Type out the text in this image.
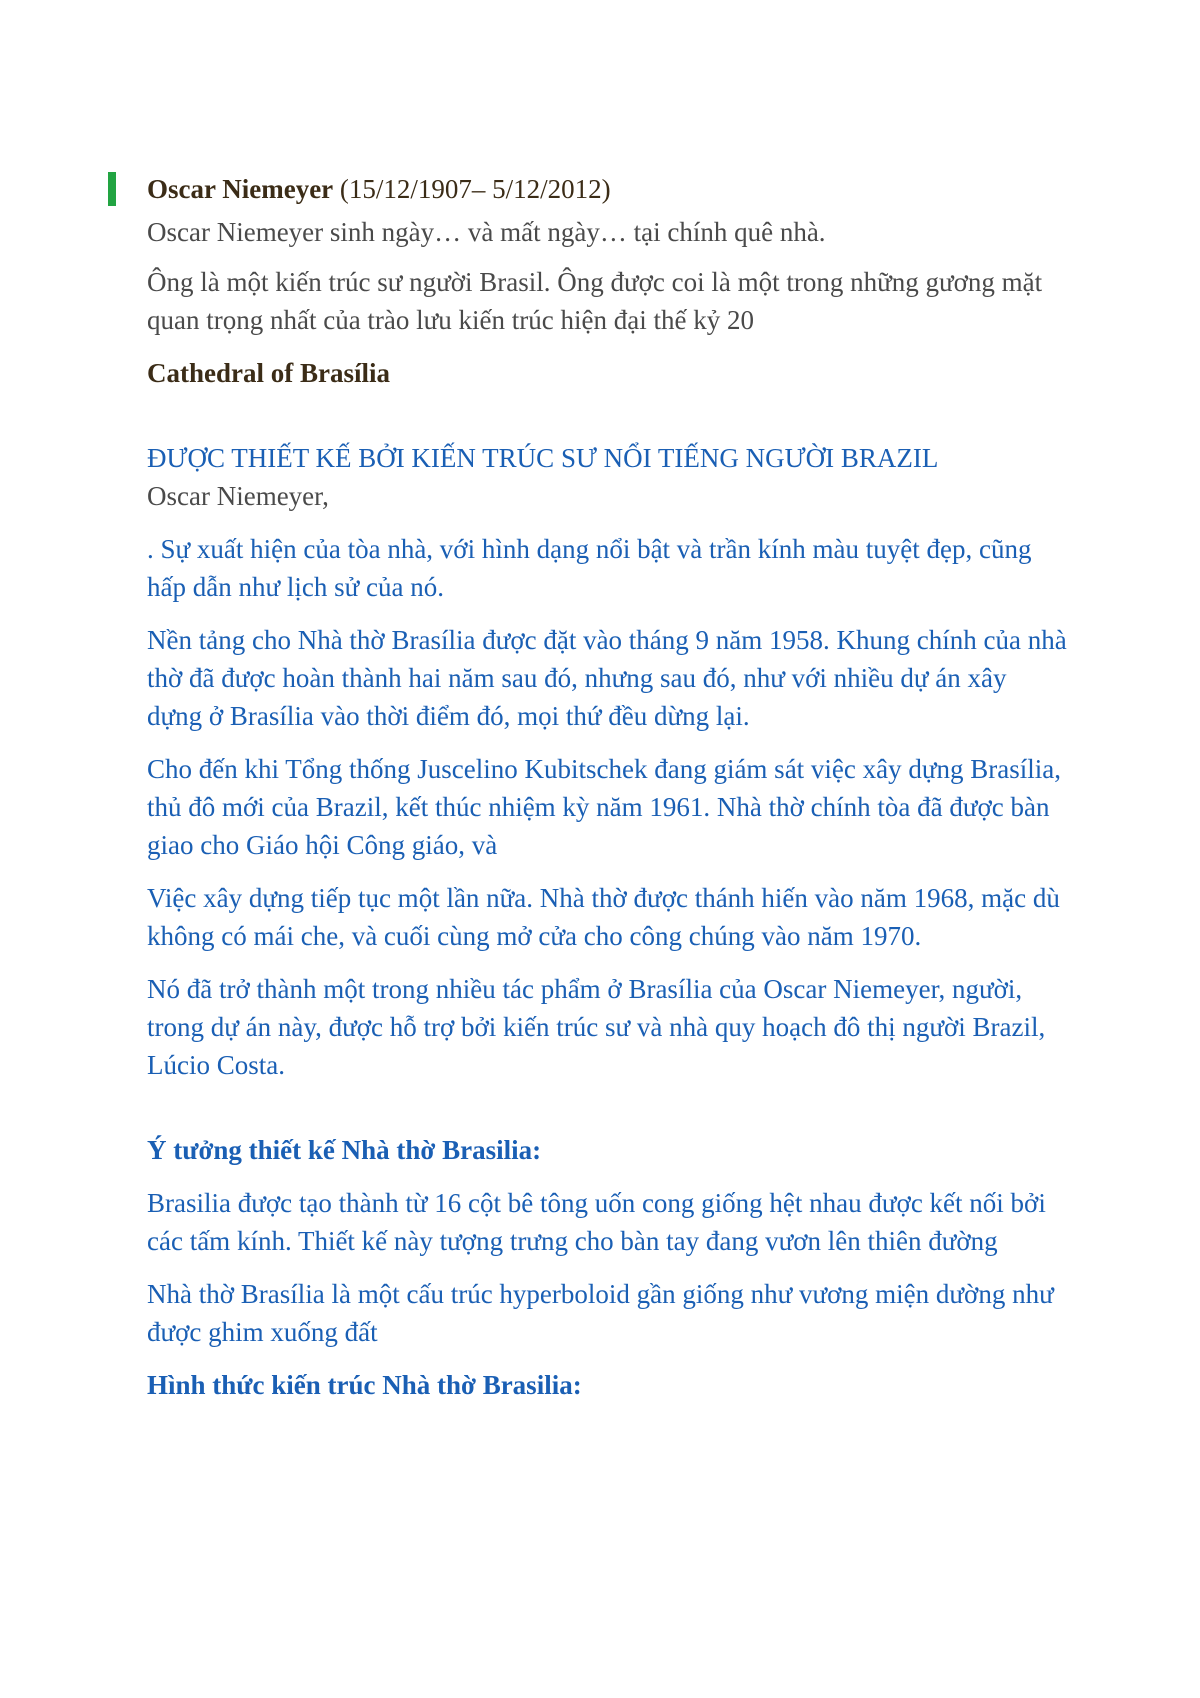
Oscar Niemeyer (15/12/1907– 5/12/2012)

Oscar Niemeyer sinh ngày… và mất ngày… tại chính quê nhà.

Ông là một kiến trúc sư người Brasil. Ông được coi là một trong những gương mặt quan trọng nhất của trào lưu kiến trúc hiện đại thế kỷ 20

Cathedral of Brasília

ĐƯỢC THIẾT KẾ BỞI KIẾN TRÚC SƯ NỔI TIẾNG NGƯỜI BRAZIL

Oscar Niemeyer,

. Sự xuất hiện của tòa nhà, với hình dạng nổi bật và trần kính màu tuyệt đẹp, cũng hấp dẫn như lịch sử của nó.

Nền tảng cho Nhà thờ Brasília được đặt vào tháng 9 năm 1958. Khung chính của nhà thờ đã được hoàn thành hai năm sau đó, nhưng sau đó, như với nhiều dự án xây dựng ở Brasília vào thời điểm đó, mọi thứ đều dừng lại.

Cho đến khi Tổng thống Juscelino Kubitschek đang giám sát việc xây dựng Brasília, thủ đô mới của Brazil, kết thúc nhiệm kỳ năm 1961. Nhà thờ chính tòa đã được bàn giao cho Giáo hội Công giáo, và

Việc xây dựng tiếp tục một lần nữa. Nhà thờ được thánh hiến vào năm 1968, mặc dù không có mái che, và cuối cùng mở cửa cho công chúng vào năm 1970.

Nó đã trở thành một trong nhiều tác phẩm ở Brasília của Oscar Niemeyer, người, trong dự án này, được hỗ trợ bởi kiến trúc sư và nhà quy hoạch đô thị người Brazil, Lúcio Costa.

Ý tưởng thiết kế Nhà thờ Brasilia:

Brasilia được tạo thành từ 16 cột bê tông uốn cong giống hệt nhau được kết nối bởi các tấm kính. Thiết kế này tượng trưng cho bàn tay đang vươn lên thiên đường

Nhà thờ Brasília là một cấu trúc hyperboloid gần giống như vương miện dường như được ghim xuống đất

Hình thức kiến trúc Nhà thờ Brasilia:
